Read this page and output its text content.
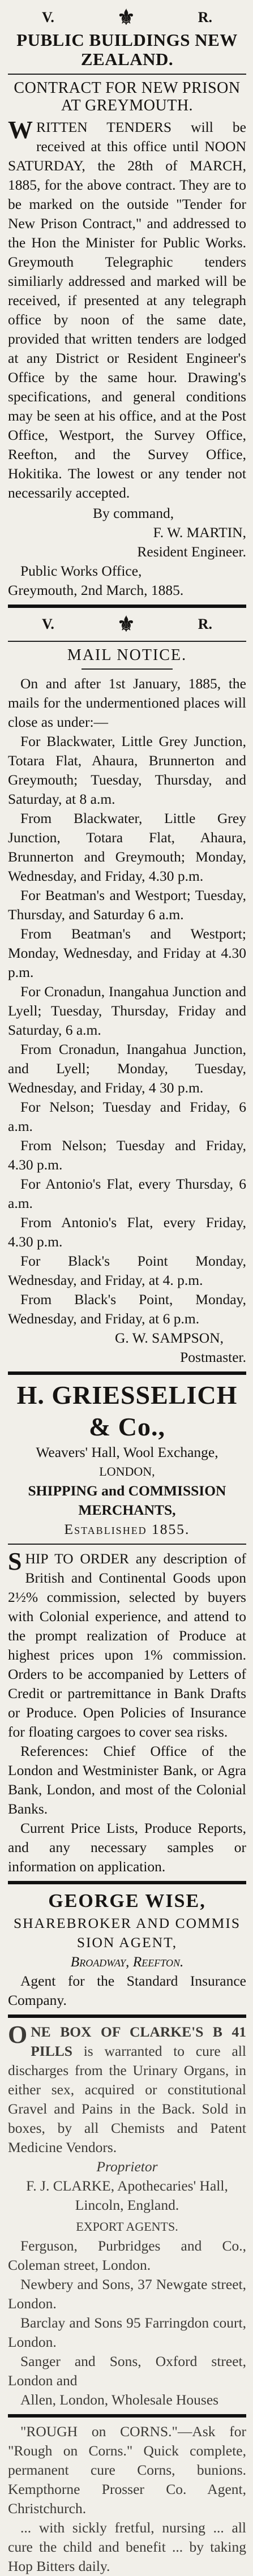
V.	⚜	R.
PUBLIC BUILDINGS NEW ZEALAND.
CONTRACT FOR NEW PRISON AT GREYMOUTH.
WRITTEN TENDERS will be received at this office until NOON SATURDAY, the 28th of MARCH, 1885, for the above contract. They are to be marked on the outside "Tender for New Prison Contract," and addressed to the Hon the Minister for Public Works. Greymouth Telegraphic tenders similiarly addressed and marked will be received, if presented at any telegraph office by noon of the same date, provided that written tenders are lodged at any District or Resident Engineer's Office by the same hour. Drawing's specifications, and general conditions may be seen at his office, and at the Post Office, Westport, the Survey Office, Reefton, and the Survey Office, Hokitika. The lowest or any tender not necessarily accepted.
By command,
F. W. MARTIN,
Resident Engineer.
Public Works Office,
Greymouth, 2nd March, 1885.
V.	⚜	R.
MAIL NOTICE.

On and after 1st January, 1885, the mails for the undermentioned places will close as under:—

For Blackwater, Little Grey Junction, Totara Flat, Ahaura, Brunnerton and Greymouth; Tuesday, Thursday, and Saturday, at 8 a.m.

From Blackwater, Little Grey Junction, Totara Flat, Ahaura, Brunnerton and Greymouth; Monday, Wednesday, and Friday, 4.30 p.m.

For Beatman's and Westport; Tuesday, Thursday, and Saturday 6 a.m.

From Beatman's and Westport; Monday, Wednesday, and Friday at 4.30 p.m.

For Cronadun, Inangahua Junction and Lyell; Tuesday, Thursday, Friday and Saturday, 6 a.m.

From Cronadun, Inangahua Junction, and Lyell; Monday, Tuesday, Wednesday, and Friday, 4 30 p.m.

For Nelson; Tuesday and Friday, 6 a.m.

From Nelson; Tuesday and Friday, 4.30 p.m.

For Antonio's Flat, every Thursday, 6 a.m.

From Antonio's Flat, every Friday, 4.30 p.m.

For Black's Point Monday, Wednesday, and Friday, at 4. p.m.

From Black's Point, Monday, Wednesday, and Friday, at 6 p.m.

G. W. SAMPSON,
Postmaster.
H. GRIESSELICH & Co.,
Weavers' Hall, Wool Exchange,
LONDON,
SHIPPING and COMMISSION MERCHANTS,
Established 1855.
SHIP TO ORDER any description of British and Continental Goods upon 2½% commission, selected by buyers with Colonial experience, and attend to the prompt realization of Produce at highest prices upon 1% commission. Orders to be accompanied by Letters of Credit or partremittance in Bank Drafts or Produce. Open Policies of Insurance for floating cargoes to cover sea risks.

References: Chief Office of the London and Westminister Bank, or Agra Bank, London, and most of the Colonial Banks.

Current Price Lists, Produce Reports, and any necessary samples or information on application.

GEORGE WISE,
SHAREBROKER AND COMMIS
SION AGENT,
Broadway, Reefton.

Agent for the Standard Insurance Company.

ONE BOX OF CLARKE'S B 41 PILLS is warranted to cure all discharges from the Urinary Organs, in either sex, acquired or constitutional Gravel and Pains in the Back. Sold in boxes, by all Chemists and Patent Medicine Vendors.
Proprietor
F. J. CLARKE, Apothecaries' Hall,
Lincoln, England.
EXPORT AGENTS.

Ferguson, Purbridges and Co., Coleman street, London.

Newbery and Sons, 37 Newgate street, London.

Barclay and Sons 95 Farringdon court, London.

Sanger and Sons, Oxford street, London and

Allen, London, Wholesale Houses

"ROUGH on CORNS."—Ask for "Rough on Corns." Quick complete, permanent cure Corns, bunions. Kempthorne Prosser Co. Agent, Christchurch.

... with sickly fretful, nursing ... all cure the child and benefit ... by taking Hop Bitters daily.
